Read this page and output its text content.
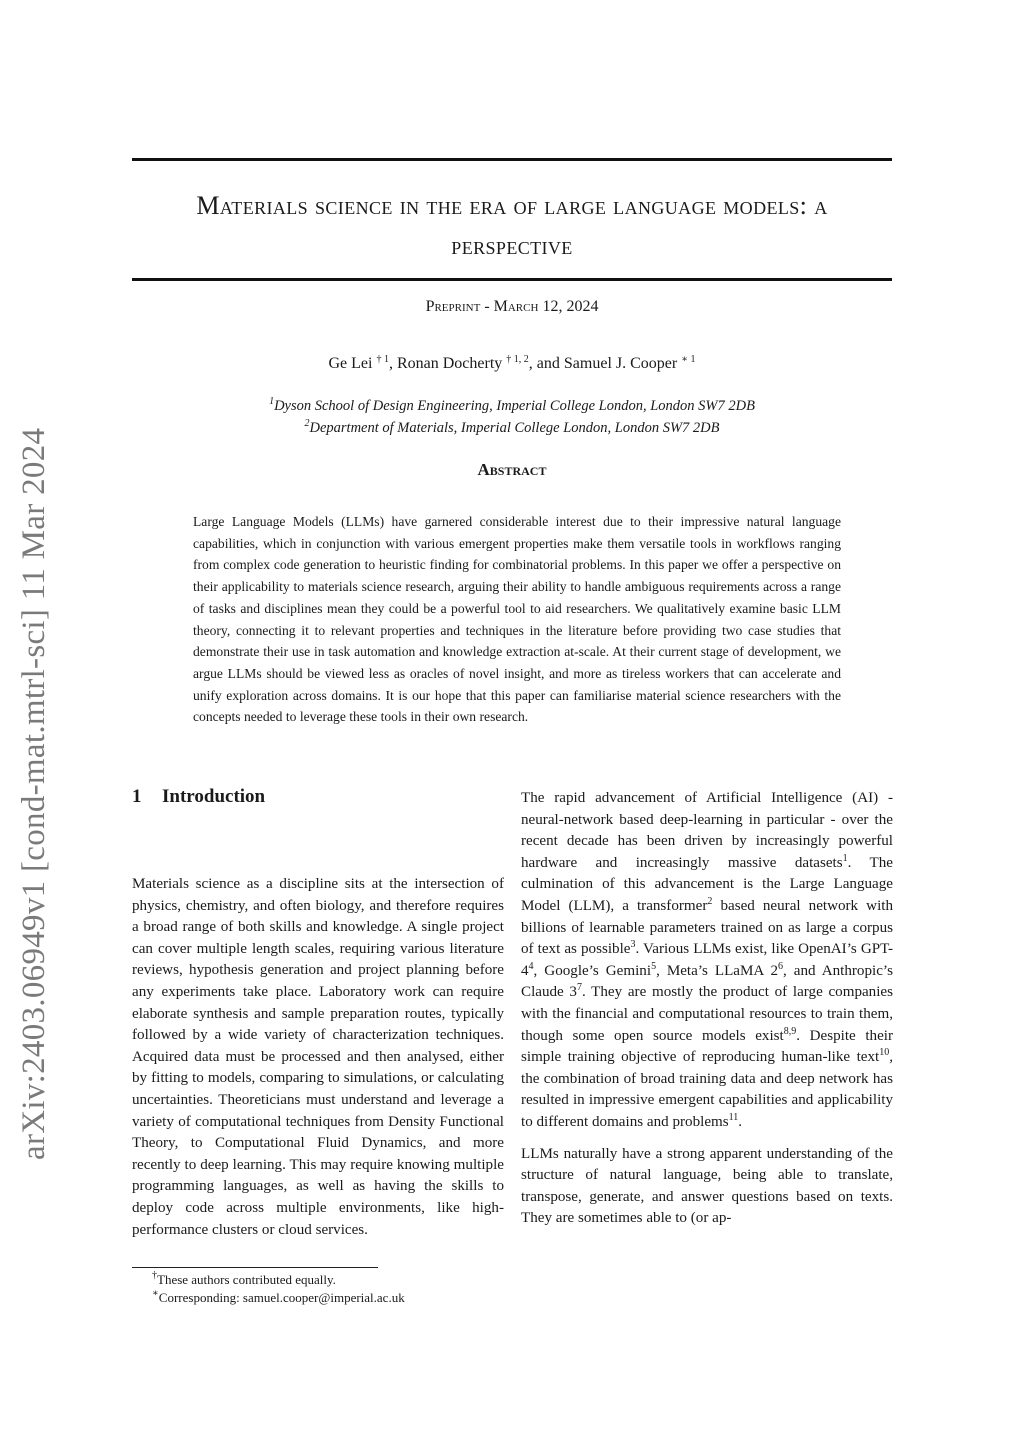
arXiv:2403.06949v1 [cond-mat.mtrl-sci] 11 Mar 2024
Materials science in the era of large language models: a
perspective
Preprint - March 12, 2024
Ge Lei $^{\dagger 1}$, Ronan Docherty $^{\dagger 1, 2}$, and Samuel J. Cooper $^{∗ 1}$
$^1$Dyson School of Design Engineering, Imperial College London, London SW7 2DB
$^2$Department of Materials, Imperial College London, London SW7 2DB
Abstract

Large Language Models (LLMs) have garnered considerable interest due to their impressive natural language capabilities, which in conjunction with various emergent properties make them versatile tools in workflows ranging from complex code generation to heuristic finding for combinatorial problems. In this paper we offer a perspective on their applicability to materials science research, arguing their ability to handle ambiguous requirements across a range of tasks and disciplines mean they could be a powerful tool to aid researchers. We qualitatively examine basic LLM theory, connecting it to relevant properties and techniques in the literature before providing two case studies that demonstrate their use in task automation and knowledge extraction at-scale. At their current stage of development, we argue LLMs should be viewed less as oracles of novel insight, and more as tireless workers that can accelerate and unify exploration across domains. It is our hope that this paper can familiarise material science researchers with the concepts needed to leverage these tools in their own research.

1 Introduction

Materials science as a discipline sits at the intersection of physics, chemistry, and often biology, and therefore requires a broad range of both skills and knowledge. A single project can cover multiple length scales, requiring various literature reviews, hypothesis generation and project planning before any experiments take place. Laboratory work can require elaborate synthesis and sample preparation routes, typically followed by a wide variety of characterization techniques. Acquired data must be processed and then analysed, either by fitting to models, comparing to simulations, or calculating uncertainties. Theoreticians must understand and leverage a variety of computational techniques from Density Functional Theory, to Computational Fluid Dynamics, and more recently to deep learning. This may require knowing multiple programming languages, as well as having the skills to deploy code across multiple environments, like high-performance clusters or cloud services.

The rapid advancement of Artificial Intelligence (AI) - neural-network based deep-learning in particular - over the recent decade has been driven by increasingly powerful hardware and increasingly massive datasets$^1$. The culmination of this advancement is the Large Language Model (LLM), a transformer$^2$ based neural network with billions of learnable parameters trained on as large a corpus of text as possible$^3$. Various LLMs exist, like OpenAI’s GPT-$4^4$, Google’s Gemini$^5$, Meta’s LLaMA $2^6$, and Anthropic’s Claude $3^7$. They are mostly the product of large companies with the financial and computational resources to train them, though some open source models exist$^{8,9}$. Despite their simple training objective of reproducing human-like text$^{10}$, the combination of broad training data and deep network has resulted in impressive emergent capabilities and applicability to different domains and problems$^{11}$.

LLMs naturally have a strong apparent understanding of the structure of natural language, being able to translate, transpose, generate, and answer questions based on texts. They are sometimes able to (or ap-

†These authors contributed equally.
∗Corresponding: samuel.cooper@imperial.ac.uk
